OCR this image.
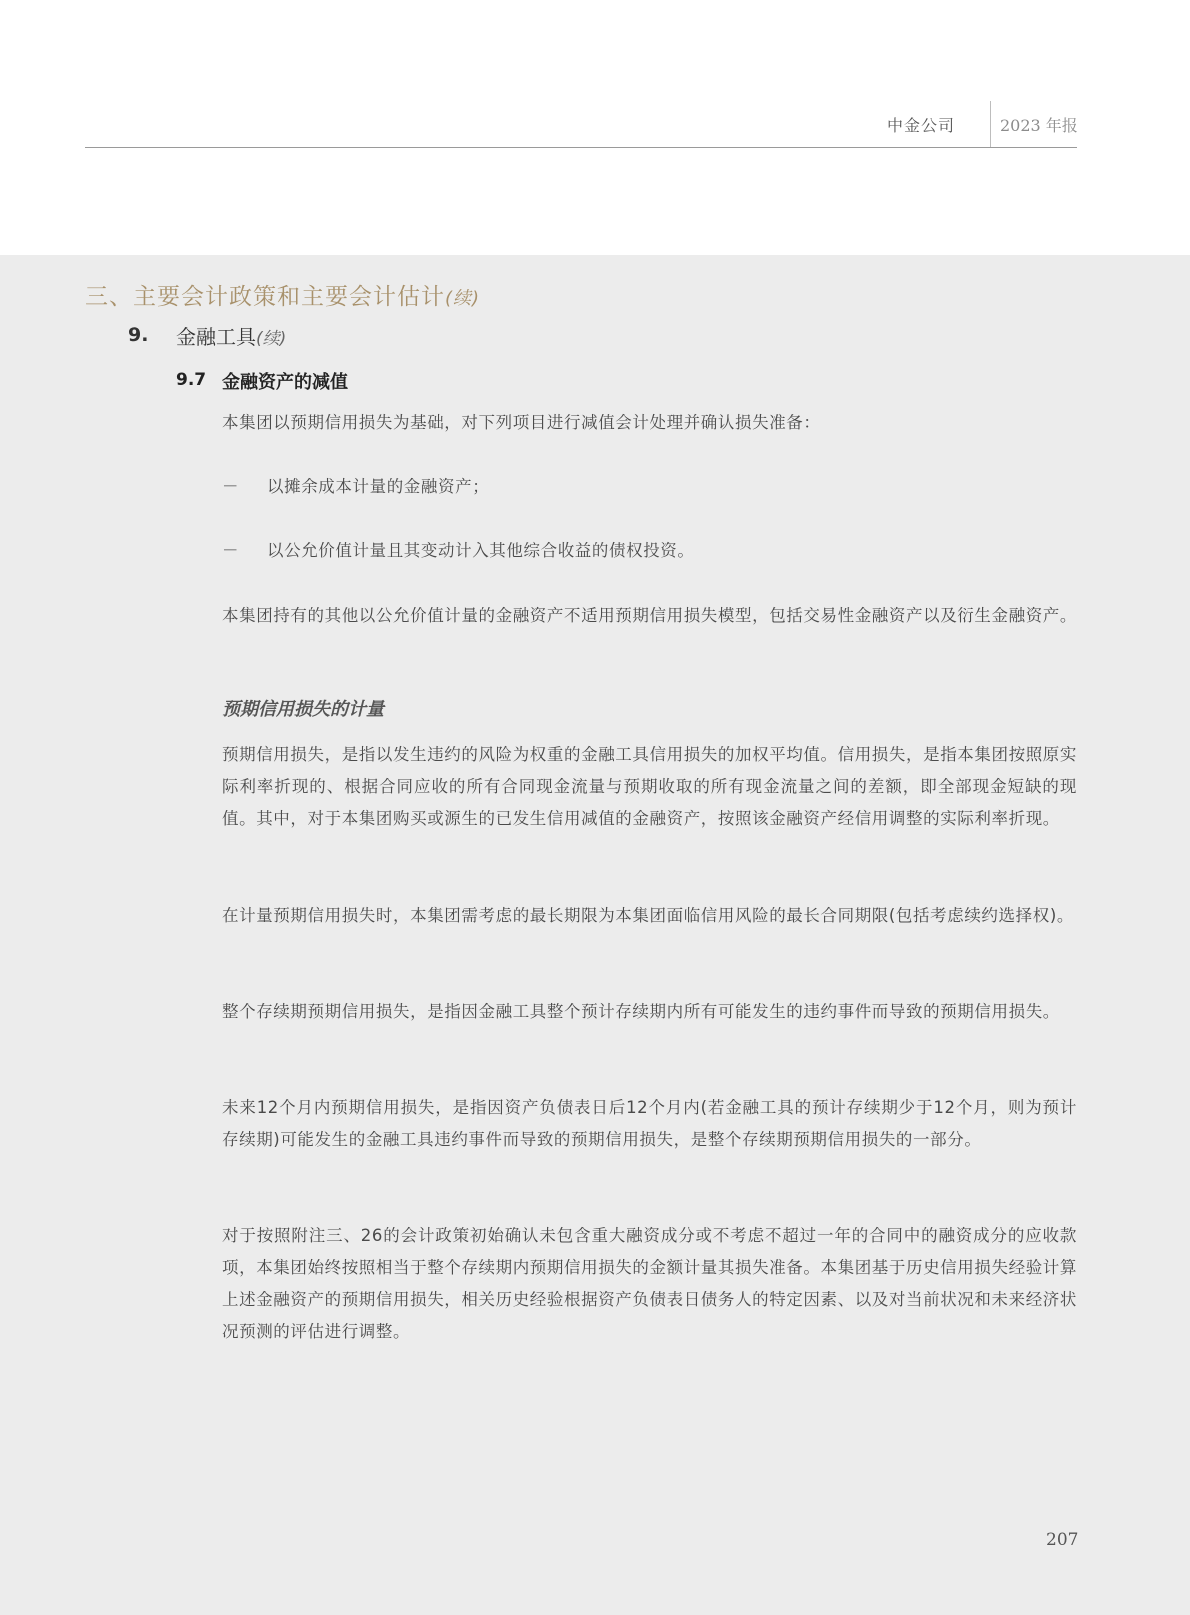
中金公司	2023 年报
三、主要会计政策和主要会计估计(续)
9. 金融工具(续)
9.7 金融资产的减值

本集团以预期信用损失为基础，对下列项目进行减值会计处理并确认损失准备：

－ 以摊余成本计量的金融资产；
－ 以公允价值计量且其变动计入其他综合收益的债权投资。

本集团持有的其他以公允价值计量的金融资产不适用预期信用损失模型，包括交易性金融资产以及衍生金融资产。

预期信用损失的计量

预期信用损失，是指以发生违约的风险为权重的金融工具信用损失的加权平均值。信用损失，是指本集团按照原实际利率折现的、根据合同应收的所有合同现金流量与预期收取的所有现金流量之间的差额，即全部现金短缺的现值。其中，对于本集团购买或源生的已发生信用减值的金融资产，按照该金融资产经信用调整的实际利率折现。

在计量预期信用损失时，本集团需考虑的最长期限为本集团面临信用风险的最长合同期限(包括考虑续约选择权)。

整个存续期预期信用损失，是指因金融工具整个预计存续期内所有可能发生的违约事件而导致的预期信用损失。

未来12个月内预期信用损失，是指因资产负债表日后12个月内(若金融工具的预计存续期少于12个月，则为预计存续期)可能发生的金融工具违约事件而导致的预期信用损失，是整个存续期预期信用损失的一部分。

对于按照附注三、26的会计政策初始确认未包含重大融资成分或不考虑不超过一年的合同中的融资成分的应收款项，本集团始终按照相当于整个存续期内预期信用损失的金额计量其损失准备。本集团基于历史信用损失经验计算上述金融资产的预期信用损失，相关历史经验根据资产负债表日债务人的特定因素、以及对当前状况和未来经济状况预测的评估进行调整。

207
